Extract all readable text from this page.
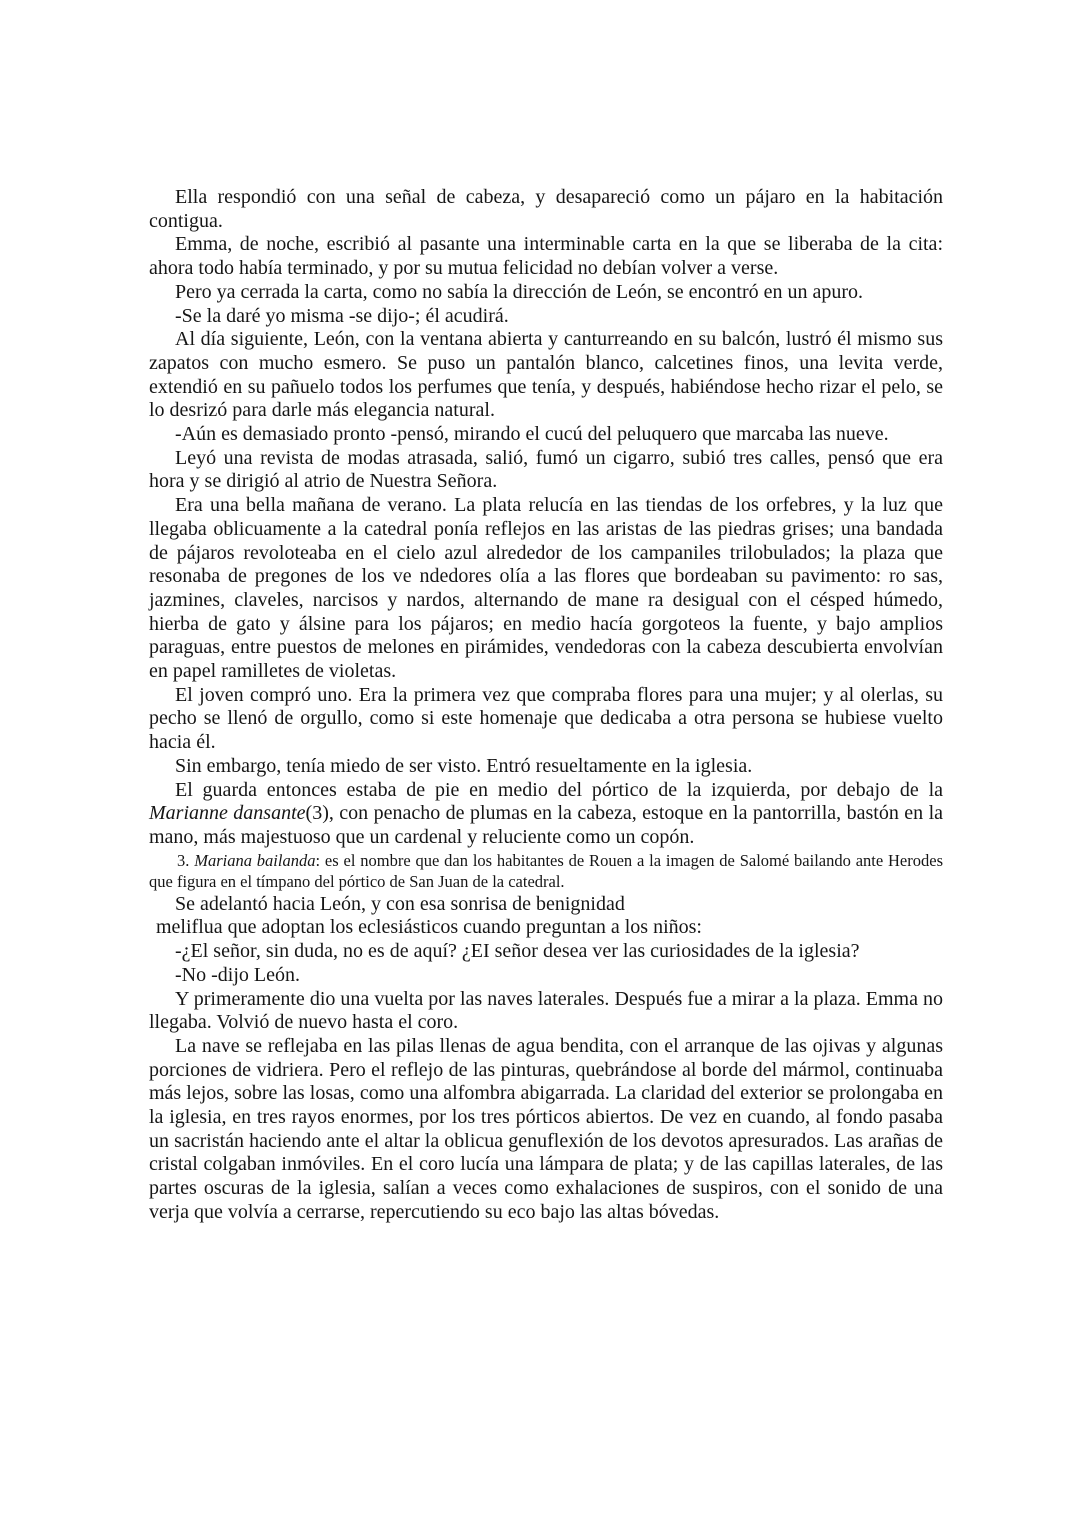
Ella respondió con una señal de cabeza, y desapareció como un pájaro en la habitación contigua.

Emma, de noche, escribió al pasante una interminable carta en la que se liberaba de la cita: ahora todo había terminado, y por su mutua felicidad no debían volver a verse.

Pero ya cerrada la carta, como no sabía la dirección de León, se encontró en un apuro.

-Se la daré yo misma -se dijo-; él acudirá.

Al día siguiente, León, con la ventana abierta y canturreando en su balcón, lustró él mismo sus zapatos con mucho esmero. Se puso un pantalón blanco, calcetines finos, una levita verde, extendió en su pañuelo todos los perfumes que tenía, y después, habiéndose hecho rizar el pelo, se lo desrizó para darle más elegancia natural.

-Aún es demasiado pronto -pensó, mirando el cucú del peluquero que marcaba las nueve.

Leyó una revista de modas atrasada, salió, fumó un cigarro, subió tres calles, pensó que era hora y se dirigió al atrio de Nuestra Señora.

Era una bella mañana de verano. La plata relucía en las tiendas de los orfebres, y la luz que llegaba oblicuamente a la catedral ponía reflejos en las aristas de las piedras grises; una bandada de pájaros revoloteaba en el cielo azul alrededor de los campaniles trilobulados; la plaza que resonaba de pregones de los ve ndedores olía a las flores que bordeaban su pavimento: ro sas, jazmines, claveles, narcisos y nardos, alternando de mane ra desigual con el césped húmedo, hierba de gato y álsine para los pájaros; en medio hacía gorgoteos la fuente, y bajo amplios paraguas, entre puestos de melones en pirámides, vendedoras con la cabeza descubierta envolvían en papel ramilletes de violetas.

El joven compró uno. Era la primera vez que compraba flores para una mujer; y al olerlas, su pecho se llenó de orgullo, como si este homenaje que dedicaba a otra persona se hubiese vuelto hacia él.

Sin embargo, tenía miedo de ser visto. Entró resueltamente en la iglesia.

El guarda entonces estaba de pie en medio del pórtico de la izquierda, por debajo de la Marianne dansante(3), con penacho de plumas en la cabeza, estoque en la pantorrilla, bastón en la mano, más majestuoso que un cardenal y reluciente como un copón.

3. Mariana bailanda: es el nombre que dan los habitantes de Rouen a la imagen de Salomé bailando ante Herodes que figura en el tímpano del pórtico de San Juan de la catedral.

Se adelantó hacia León, y con esa sonrisa de benignidad

meliflua que adoptan los eclesiásticos cuando preguntan a los niños:

-¿El señor, sin duda, no es de aquí? ¿EI señor desea ver las curiosidades de la iglesia?

-No -dijo León.

Y primeramente dio una vuelta por las naves laterales. Después fue a mirar a la plaza. Emma no llegaba. Volvió de nuevo hasta el coro.

La nave se reflejaba en las pilas llenas de agua bendita, con el arranque de las ojivas y algunas porciones de vidriera. Pero el reflejo de las pinturas, quebrándose al borde del mármol, continuaba más lejos, sobre las losas, como una alfombra abigarrada. La claridad del exterior se prolongaba en la iglesia, en tres rayos enormes, por los tres pórticos abiertos. De vez en cuando, al fondo pasaba un sacristán haciendo ante el altar la oblicua genuflexión de los devotos apresurados. Las arañas de cristal colgaban inmóviles. En el coro lucía una lámpara de plata; y de las capillas laterales, de las partes oscuras de la iglesia, salían a veces como exhalaciones de suspiros, con el sonido de una verja que volvía a cerrarse, repercutiendo su eco bajo las altas bóvedas.
